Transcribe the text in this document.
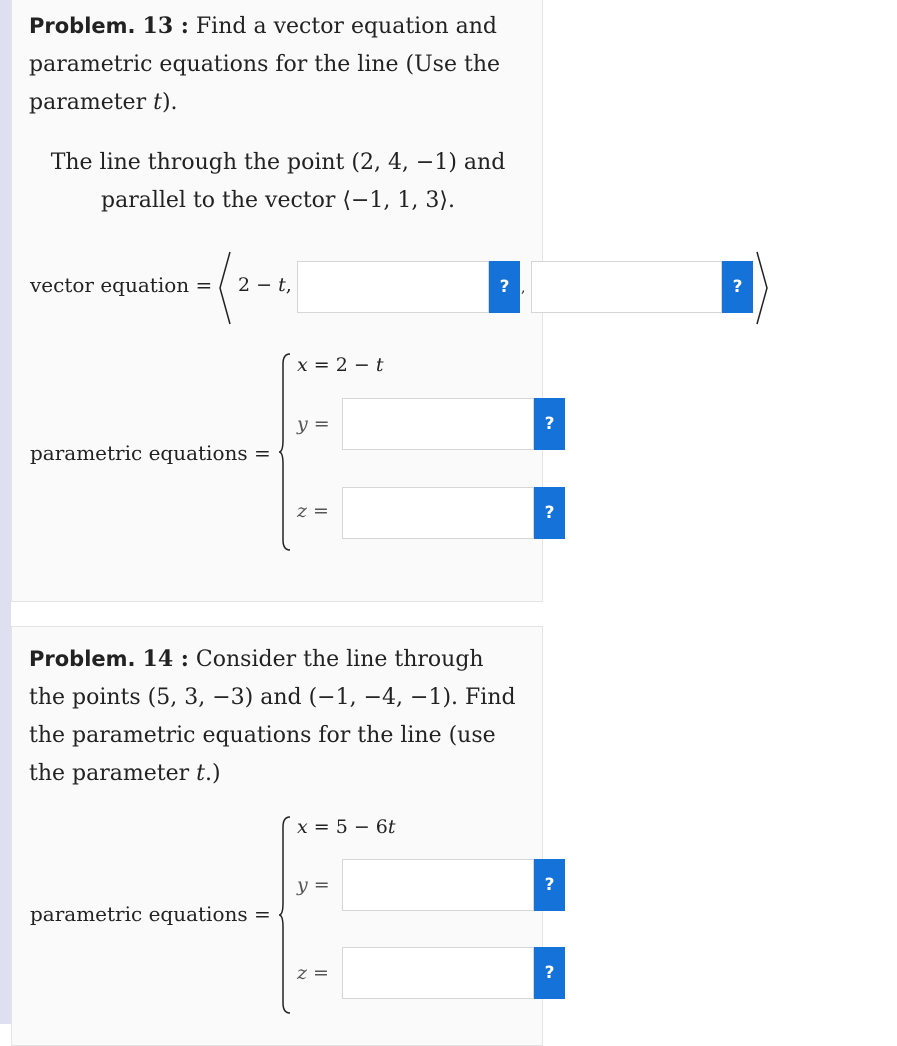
Problem. 13 : Find a vector equation and
parametric equations for the line (Use the
parameter t).
The line through the point (2, 4, −1) and
parallel to the vector ⟨−1, 1, 3⟩.
vector equation = 2 − t,	? ,	?
parametric equations =
x = 2 − t
y =	?
z =	?
Problem. 14 : Consider the line through
the points (5, 3, −3) and (−1, −4, −1). Find
the parametric equations for the line (use
the parameter t.)
parametric equations =
x = 5 − 6t
y =	?
z =	?
